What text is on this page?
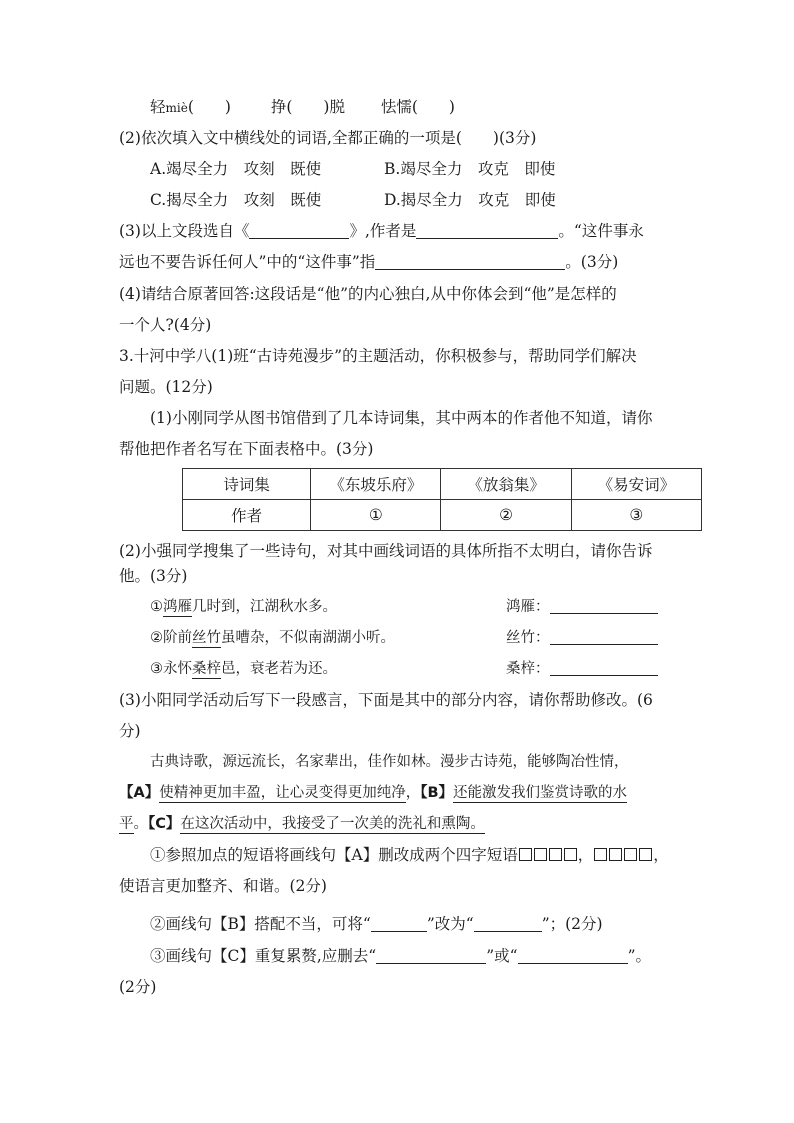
轻miè(　　)	挣(　　)脱 怯懦(　　)
(2)依次填入文中横线处的词语,全都正确的一项是(　　)(3分)
A.竭尽全力　攻刻　既使	B.竭尽全力　攻克　即使
C.揭尽全力　攻刻　既使	D.揭尽全力　攻克　即使
(3)以上文段选自《	》,作者是	。“这件事永
远也不要告诉任何人”中的“这件事”指	。(3分)
(4)请结合原著回答:这段话是“他”的内心独白,从中你体会到“他”是怎样的
一个人?(4分)
3.十河中学八(1)班“古诗苑漫步”的主题活动，你积极参与，帮助同学们解决
问题。(12分)
(1)小刚同学从图书馆借到了几本诗词集，其中两本的作者他不知道，请你
帮他把作者名写在下面表格中。(3分)
诗词集	《东坡乐府》	《放翁集》	《易安词》
作者	①	②	③
(2)小强同学搜集了一些诗句，对其中画线词语的具体所指不太明白，请你告诉
他。(3分)
①鸿雁几时到，江湖秋水多。	鸿雁：
②阶前丝竹虽嘈杂，不似南湖湖小听。	丝竹：
③永怀桑梓邑，衰老若为还。	桑梓：
(3)小阳同学活动后写下一段感言，下面是其中的部分内容，请你帮助修改。(6
分)
古典诗歌，源远流长，名家辈出，佳作如林。漫步古诗苑，能够陶冶性情，
【A】使精神更加丰盈，让心灵变得更加纯净，【B】还能激发我们鉴赏诗歌的水
平。【C】在这次活动中，我接受了一次美的洗礼和熏陶。
①参照加点的短语将画线句【A】删改成两个四字短语	，	，
使语言更加整齐、和谐。(2分)
②画线句【B】搭配不当，可将“	”改为“	”；(2分)
③画线句【C】重复累赘,应删去“	”或“	”。
(2分)
